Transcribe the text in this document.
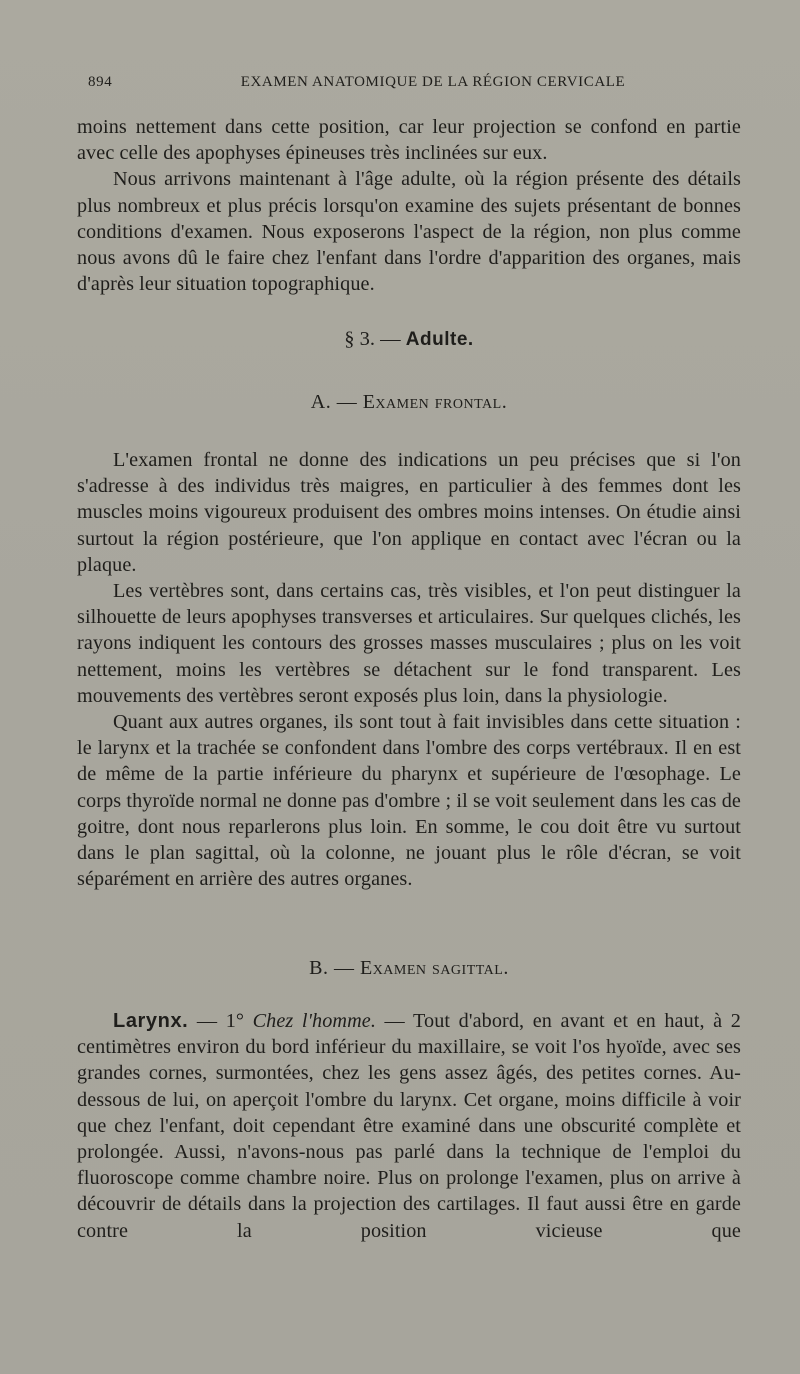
894	EXAMEN ANATOMIQUE DE LA RÉGION CERVICALE

moins nettement dans cette position, car leur projection se confond en partie avec celle des apophyses épineuses très inclinées sur eux.

Nous arrivons maintenant à l'âge adulte, où la région présente des détails plus nombreux et plus précis lorsqu'on examine des sujets présentant de bonnes conditions d'examen. Nous exposerons l'aspect de la région, non plus comme nous avons dû le faire chez l'enfant dans l'ordre d'apparition des organes, mais d'après leur situation topographique.

§ 3. — Adulte.
A. — Examen frontal.

L'examen frontal ne donne des indications un peu précises que si l'on s'adresse à des individus très maigres, en particulier à des femmes dont les muscles moins vigoureux produisent des ombres moins intenses. On étudie ainsi surtout la région postérieure, que l'on applique en contact avec l'écran ou la plaque.

Les vertèbres sont, dans certains cas, très visibles, et l'on peut distinguer la silhouette de leurs apophyses transverses et articulaires. Sur quelques clichés, les rayons indiquent les contours des grosses masses musculaires ; plus on les voit nettement, moins les vertèbres se détachent sur le fond transparent. Les mouvements des vertèbres seront exposés plus loin, dans la physiologie.

Quant aux autres organes, ils sont tout à fait invisibles dans cette situation : le larynx et la trachée se confondent dans l'ombre des corps vertébraux. Il en est de même de la partie inférieure du pharynx et supérieure de l'œsophage. Le corps thyroïde normal ne donne pas d'ombre ; il se voit seulement dans les cas de goitre, dont nous reparlerons plus loin. En somme, le cou doit être vu surtout dans le plan sagittal, où la colonne, ne jouant plus le rôle d'écran, se voit séparément en arrière des autres organes.

B. — Examen sagittal.

Larynx. — 1° Chez l'homme. — Tout d'abord, en avant et en haut, à 2 centimètres environ du bord inférieur du maxillaire, se voit l'os hyoïde, avec ses grandes cornes, surmontées, chez les gens assez âgés, des petites cornes. Au-dessous de lui, on aperçoit l'ombre du larynx. Cet organe, moins difficile à voir que chez l'enfant, doit cependant être examiné dans une obscurité complète et prolongée. Aussi, n'avons-nous pas parlé dans la technique de l'emploi du fluoroscope comme chambre noire. Plus on prolonge l'examen, plus on arrive à découvrir de détails dans la projection des cartilages. Il faut aussi être en garde contre la position vicieuse que
